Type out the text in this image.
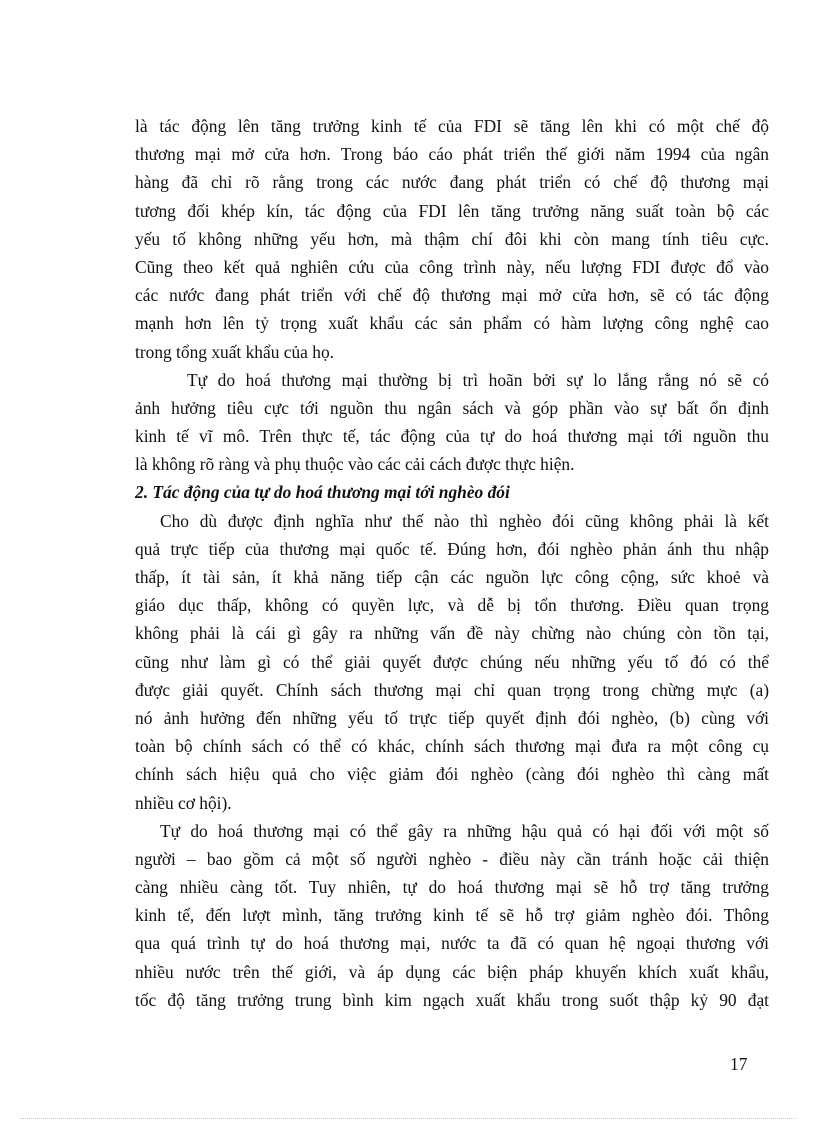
là tác động lên tăng trưởng kinh tế của FDI sẽ tăng lên khi có một chế độ
thương mại mở cửa hơn. Trong báo cáo phát triển thế giới năm 1994 của ngân
hàng đã chỉ rõ rằng trong các nước đang phát triển có chế độ thương mại
tương đối khép kín, tác động của FDI lên tăng trưởng năng suất toàn bộ các
yếu tố không những yếu hơn, mà thậm chí đôi khi còn mang tính tiêu cực.
Cũng theo kết quả nghiên cứu của công trình này, nếu lượng FDI được đổ vào
các nước đang phát triển với chế độ thương mại mở cửa hơn, sẽ có tác động
mạnh hơn lên tỷ trọng xuất khẩu các sản phẩm có hàm lượng công nghệ cao
trong tổng xuất khẩu của họ.
Tự do hoá thương mại thường bị trì hoãn bởi sự lo lắng rằng nó sẽ có
ảnh hưởng tiêu cực tới nguồn thu ngân sách và góp phần vào sự bất ổn định
kinh tế vĩ mô. Trên thực tế, tác động của tự do hoá thương mại tới nguồn thu
là không rõ ràng và phụ thuộc vào các cải cách được thực hiện.
2. Tác động của tự do hoá thương mại tới nghèo đói
Cho dù được định nghĩa như thế nào thì nghèo đói cũng không phải là kết
quả trực tiếp của thương mại quốc tế. Đúng hơn, đói nghèo phản ánh thu nhập
thấp, ít tài sản, ít khả năng tiếp cận các nguồn lực công cộng, sức khoẻ và
giáo dục thấp, không có quyền lực, và dễ bị tổn thương. Điều quan trọng
không phải là cái gì gây ra những vấn đề này chừng nào chúng còn tồn tại,
cũng như làm gì có thể giải quyết được chúng nếu những yếu tố đó có thể
được giải quyết. Chính sách thương mại chỉ quan trọng trong chừng mực (a)
nó ảnh hưởng đến những yếu tố trực tiếp quyết định đói nghèo, (b) cùng với
toàn bộ chính sách có thể có khác, chính sách thương mại đưa ra một công cụ
chính sách hiệu quả cho việc giảm đói nghèo (càng đói nghèo thì càng mất
nhiều cơ hội).
Tự do hoá thương mại có thể gây ra những hậu quả có hại đối với một số
người – bao gồm cả một số người nghèo - điều này cần tránh hoặc cải thiện
càng nhiều càng tốt. Tuy nhiên, tự do hoá thương mại sẽ hỗ trợ tăng trưởng
kinh tế, đến lượt mình, tăng trưởng kinh tế sẽ hỗ trợ giảm nghèo đói. Thông
qua quá trình tự do hoá thương mại, nước ta đã có quan hệ ngoại thương với
nhiều nước trên thế giới, và áp dụng các biện pháp khuyến khích xuất khẩu,
tốc độ tăng trưởng trung bình kim ngạch xuất khẩu trong suốt thập kỷ 90 đạt
17
